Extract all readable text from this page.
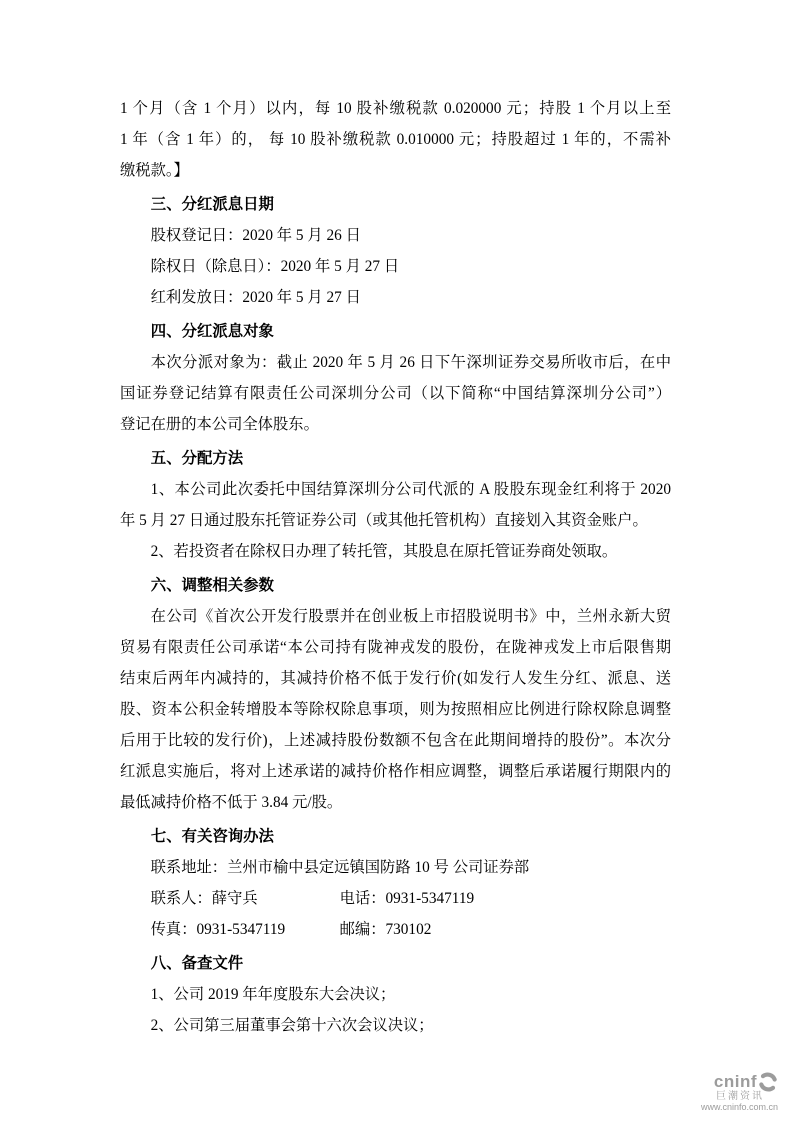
1 个月（含 1 个月）以内，每 10 股补缴税款 0.020000 元；持股 1 个月以上至
1 年（含 1 年）的， 每 10 股补缴税款 0.010000 元；持股超过 1 年的，不需补
缴税款。】
三、分红派息日期
股权登记日：2020 年 5 月 26 日
除权日（除息日）：2020 年 5 月 27 日
红利发放日：2020 年 5 月 27 日
四、分红派息对象
本次分派对象为：截止 2020 年 5 月 26 日下午深圳证券交易所收市后，在中
国证券登记结算有限责任公司深圳分公司（以下简称“中国结算深圳分公司”）
登记在册的本公司全体股东。
五、分配方法
1、本公司此次委托中国结算深圳分公司代派的 A 股股东现金红利将于 2020
年 5 月 27 日通过股东托管证券公司（或其他托管机构）直接划入其资金账户。
2、若投资者在除权日办理了转托管，其股息在原托管证券商处领取。
六、调整相关参数
在公司《首次公开发行股票并在创业板上市招股说明书》中，兰州永新大贸
贸易有限责任公司承诺“本公司持有陇神戎发的股份，在陇神戎发上市后限售期
结束后两年内减持的，其减持价格不低于发行价(如发行人发生分红、派息、送
股、资本公积金转增股本等除权除息事项，则为按照相应比例进行除权除息调整
后用于比较的发行价)，上述减持股份数额不包含在此期间增持的股份”。本次分
红派息实施后，将对上述承诺的减持价格作相应调整，调整后承诺履行期限内的
最低减持价格不低于 3.84 元/股。
七、有关咨询办法
联系地址：兰州市榆中县定远镇国防路 10 号 公司证券部
联系人：薛守兵	电话：0931-5347119
传真：0931-5347119	邮编：730102
八、备查文件
1、公司 2019 年年度股东大会决议；
2、公司第三届董事会第十六次会议决议；
cninf
巨潮资讯
www.cninfo.com.cn
